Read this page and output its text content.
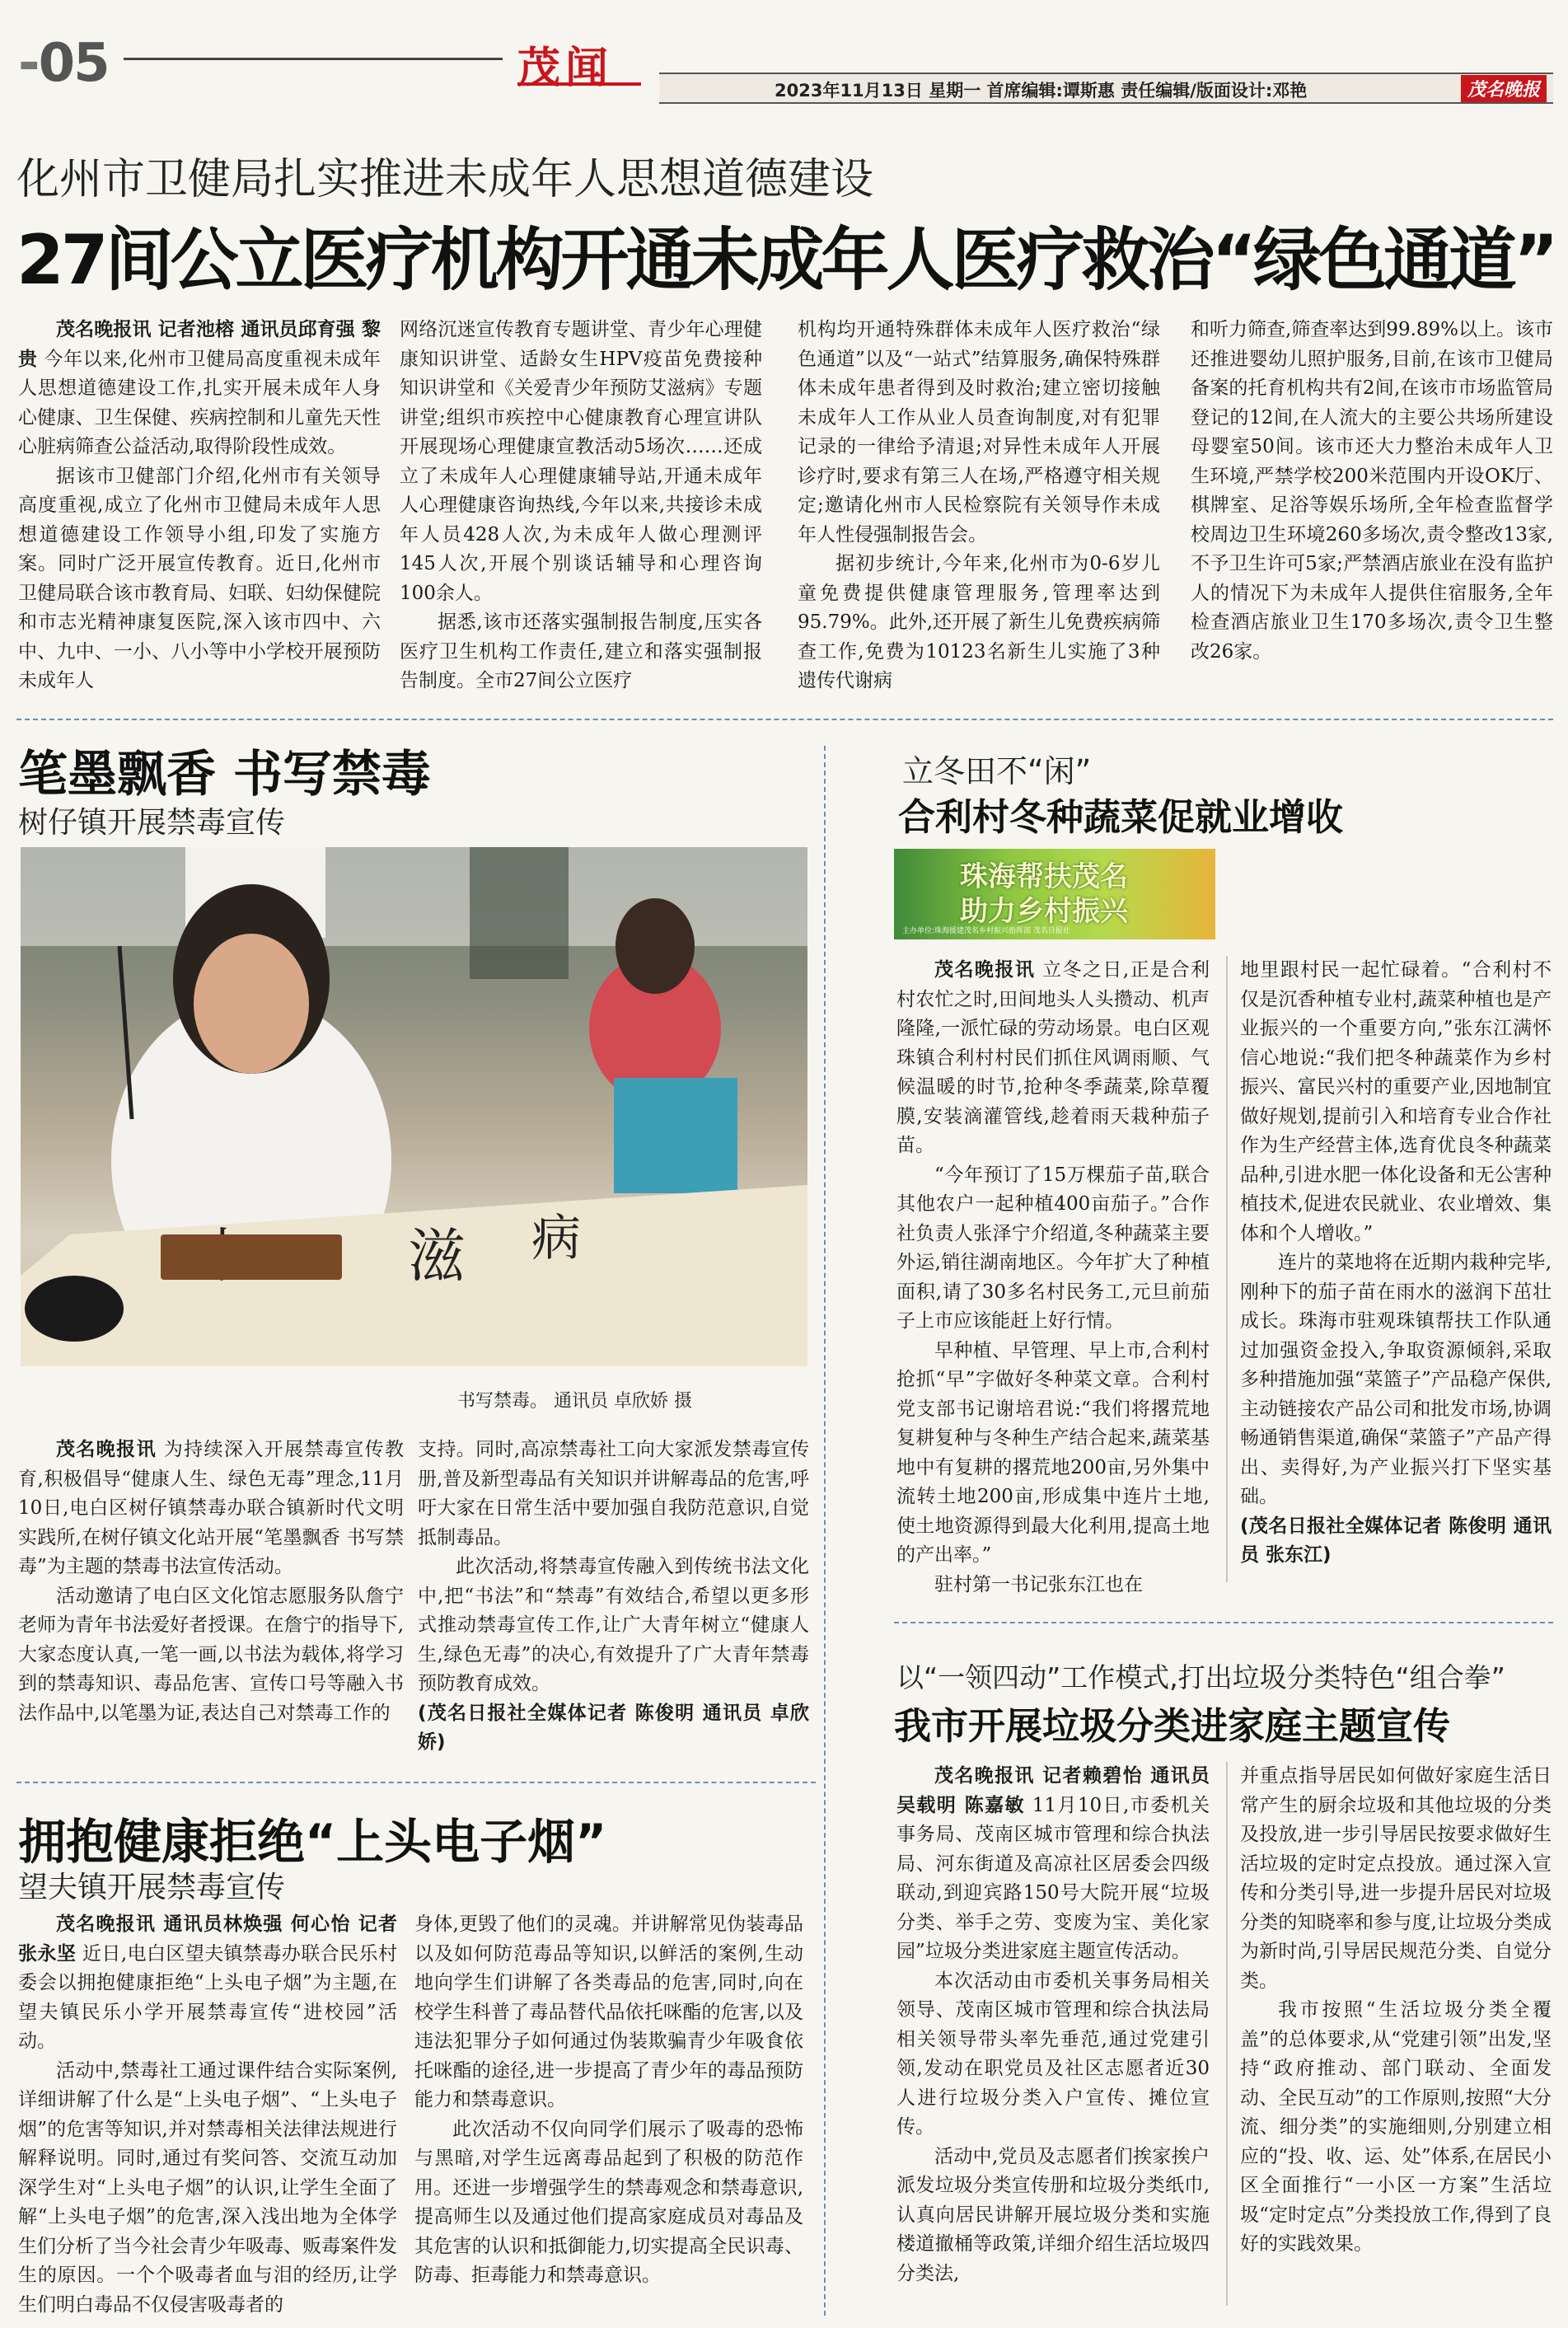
-05	茂闻	2023年11月13日 星期一 首席编辑:谭斯惠 责任编辑/版面设计:邓艳	茂名晚报
化州市卫健局扎实推进未成年人思想道德建设
27间公立医疗机构开通未成年人医疗救治“绿色通道”

茂名晚报讯 记者池榕 通讯员邱育强 黎贵 今年以来,化州市卫健局高度重视未成年人思想道德建设工作,扎实开展未成年人身心健康、卫生保健、疾病控制和儿童先天性心脏病筛查公益活动,取得阶段性成效。

据该市卫健部门介绍,化州市有关领导高度重视,成立了化州市卫健局未成年人思想道德建设工作领导小组,印发了实施方案。同时广泛开展宣传教育。近日,化州市卫健局联合该市教育局、妇联、妇幼保健院和市志光精神康复医院,深入该市四中、六中、九中、一小、八小等中小学校开展预防未成年人

网络沉迷宣传教育专题讲堂、青少年心理健康知识讲堂、适龄女生HPV疫苗免费接种知识讲堂和《关爱青少年预防艾滋病》专题讲堂;组织市疾控中心健康教育心理宣讲队开展现场心理健康宣教活动5场次……还成立了未成年人心理健康辅导站,开通未成年人心理健康咨询热线,今年以来,共接诊未成年人员428人次,为未成年人做心理测评145人次,开展个别谈话辅导和心理咨询100余人。

据悉,该市还落实强制报告制度,压实各医疗卫生机构工作责任,建立和落实强制报告制度。全市27间公立医疗

机构均开通特殊群体未成年人医疗救治“绿色通道”以及“一站式”结算服务,确保特殊群体未成年患者得到及时救治;建立密切接触未成年人工作从业人员查询制度,对有犯罪记录的一律给予清退;对异性未成年人开展诊疗时,要求有第三人在场,严格遵守相关规定;邀请化州市人民检察院有关领导作未成年人性侵强制报告会。

据初步统计,今年来,化州市为0-6岁儿童免费提供健康管理服务,管理率达到95.79%。此外,还开展了新生儿免费疾病筛查工作,免费为10123名新生儿实施了3种遗传代谢病

和听力筛查,筛查率达到99.89%以上。该市还推进婴幼儿照护服务,目前,在该市卫健局备案的托育机构共有2间,在该市市场监管局登记的12间,在人流大的主要公共场所建设母婴室50间。该市还大力整治未成年人卫生环境,严禁学校200米范围内开设OK厅、棋牌室、足浴等娱乐场所,全年检查监督学校周边卫生环境260多场次,责令整改13家,不予卫生许可5家;严禁酒店旅业在没有监护人的情况下为未成年人提供住宿服务,全年检查酒店旅业卫生170多场次,责令卫生整改26家。

笔墨飘香 书写禁毒
树仔镇开展禁毒宣传
滋 病
书写禁毒。 通讯员 卓欣娇 摄

茂名晚报讯 为持续深入开展禁毒宣传教育,积极倡导“健康人生、绿色无毒”理念,11月10日,电白区树仔镇禁毒办联合镇新时代文明实践所,在树仔镇文化站开展“笔墨飘香 书写禁毒”为主题的禁毒书法宣传活动。

活动邀请了电白区文化馆志愿服务队詹宁老师为青年书法爱好者授课。在詹宁的指导下,大家态度认真,一笔一画,以书法为载体,将学习到的禁毒知识、毒品危害、宣传口号等融入书法作品中,以笔墨为证,表达自己对禁毒工作的

支持。同时,高凉禁毒社工向大家派发禁毒宣传册,普及新型毒品有关知识并讲解毒品的危害,呼吁大家在日常生活中要加强自我防范意识,自觉抵制毒品。

此次活动,将禁毒宣传融入到传统书法文化中,把“书法”和“禁毒”有效结合,希望以更多形式推动禁毒宣传工作,让广大青年树立“健康人生,绿色无毒”的决心,有效提升了广大青年禁毒预防教育成效。

(茂名日报社全媒体记者 陈俊明 通讯员 卓欣娇)

拥抱健康拒绝“上头电子烟”
望夫镇开展禁毒宣传

茂名晚报讯 通讯员林焕强 何心怡 记者张永坚 近日,电白区望夫镇禁毒办联合民乐村委会以拥抱健康拒绝“上头电子烟”为主题,在望夫镇民乐小学开展禁毒宣传“进校园”活动。

活动中,禁毒社工通过课件结合实际案例,详细讲解了什么是“上头电子烟”、“上头电子烟”的危害等知识,并对禁毒相关法律法规进行解释说明。同时,通过有奖问答、交流互动加深学生对“上头电子烟”的认识,让学生全面了解“上头电子烟”的危害,深入浅出地为全体学生们分析了当今社会青少年吸毒、贩毒案件发生的原因。一个个吸毒者血与泪的经历,让学生们明白毒品不仅侵害吸毒者的

身体,更毁了他们的灵魂。并讲解常见伪装毒品以及如何防范毒品等知识,以鲜活的案例,生动地向学生们讲解了各类毒品的危害,同时,向在校学生科普了毒品替代品依托咪酯的危害,以及违法犯罪分子如何通过伪装欺骗青少年吸食依托咪酯的途径,进一步提高了青少年的毒品预防能力和禁毒意识。

此次活动不仅向同学们展示了吸毒的恐怖与黑暗,对学生远离毒品起到了积极的防范作用。还进一步增强学生的禁毒观念和禁毒意识,提高师生以及通过他们提高家庭成员对毒品及其危害的认识和抵御能力,切实提高全民识毒、防毒、拒毒能力和禁毒意识。

立冬田不“闲”
合利村冬种蔬菜促就业增收
珠海帮扶茂名
助力乡村振兴
主办单位:珠海援建茂名乡村振兴指挥部 茂名日报社

茂名晚报讯 立冬之日,正是合利村农忙之时,田间地头人头攒动、机声隆隆,一派忙碌的劳动场景。电白区观珠镇合利村村民们抓住风调雨顺、气候温暖的时节,抢种冬季蔬菜,除草覆膜,安装滴灌管线,趁着雨天栽种茄子苗。

“今年预订了15万棵茄子苗,联合其他农户一起种植400亩茄子。”合作社负责人张泽宁介绍道,冬种蔬菜主要外运,销往湖南地区。今年扩大了种植面积,请了30多名村民务工,元旦前茄子上市应该能赶上好行情。

早种植、早管理、早上市,合利村抢抓“早”字做好冬种菜文章。合利村党支部书记谢培君说:“我们将撂荒地复耕复种与冬种生产结合起来,蔬菜基地中有复耕的撂荒地200亩,另外集中流转土地200亩,形成集中连片土地,使土地资源得到最大化利用,提高土地的产出率。”

驻村第一书记张东江也在

地里跟村民一起忙碌着。“合利村不仅是沉香种植专业村,蔬菜种植也是产业振兴的一个重要方向,”张东江满怀信心地说:“我们把冬种蔬菜作为乡村振兴、富民兴村的重要产业,因地制宜做好规划,提前引入和培育专业合作社作为生产经营主体,选育优良冬种蔬菜品种,引进水肥一体化设备和无公害种植技术,促进农民就业、农业增效、集体和个人增收。”

连片的菜地将在近期内栽种完毕,刚种下的茄子苗在雨水的滋润下茁壮成长。珠海市驻观珠镇帮扶工作队通过加强资金投入,争取资源倾斜,采取多种措施加强“菜篮子”产品稳产保供,主动链接农产品公司和批发市场,协调畅通销售渠道,确保“菜篮子”产品产得出、卖得好,为产业振兴打下坚实基础。

(茂名日报社全媒体记者 陈俊明 通讯员 张东江)

以“一领四动”工作模式,打出垃圾分类特色“组合拳”
我市开展垃圾分类进家庭主题宣传

茂名晚报讯 记者赖碧怡 通讯员吴载明 陈嘉敏 11月10日,市委机关事务局、茂南区城市管理和综合执法局、河东街道及高凉社区居委会四级联动,到迎宾路150号大院开展“垃圾分类、举手之劳、变废为宝、美化家园”垃圾分类进家庭主题宣传活动。

本次活动由市委机关事务局相关领导、茂南区城市管理和综合执法局相关领导带头率先垂范,通过党建引领,发动在职党员及社区志愿者近30人进行垃圾分类入户宣传、摊位宣传。

活动中,党员及志愿者们挨家挨户派发垃圾分类宣传册和垃圾分类纸巾,认真向居民讲解开展垃圾分类和实施楼道撤桶等政策,详细介绍生活垃圾四分类法,

并重点指导居民如何做好家庭生活日常产生的厨余垃圾和其他垃圾的分类及投放,进一步引导居民按要求做好生活垃圾的定时定点投放。通过深入宣传和分类引导,进一步提升居民对垃圾分类的知晓率和参与度,让垃圾分类成为新时尚,引导居民规范分类、自觉分类。

我市按照“生活垃圾分类全覆盖”的总体要求,从“党建引领”出发,坚持“政府推动、部门联动、全面发动、全民互动”的工作原则,按照“大分流、细分类”的实施细则,分别建立相应的“投、收、运、处”体系,在居民小区全面推行“一小区一方案”生活垃圾“定时定点”分类投放工作,得到了良好的实践效果。
